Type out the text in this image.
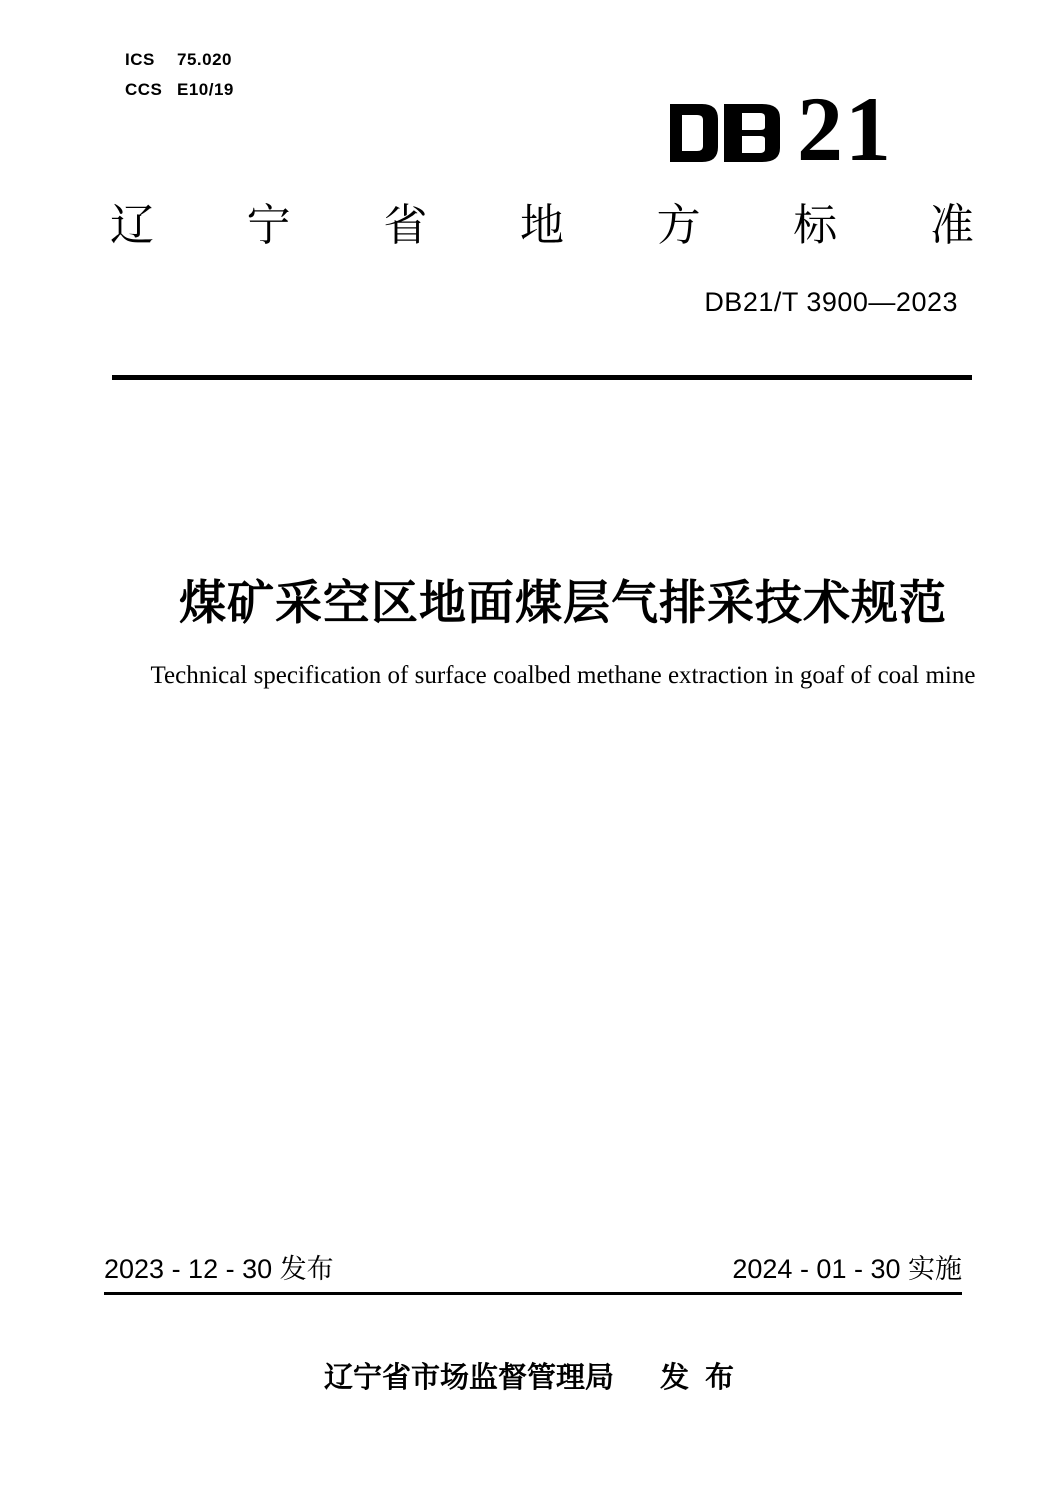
ICS 75.020
CCS E10/19	21
辽 宁 省 地 方 标 准
DB21/T 3900—2023
煤矿采空区地面煤层气排采技术规范
Technical specification of surface coalbed methane extraction in goaf of coal mine
2023 - 12 - 30 发布	2024 - 01 - 30 实施
辽宁省市场监督管理局 发 布
